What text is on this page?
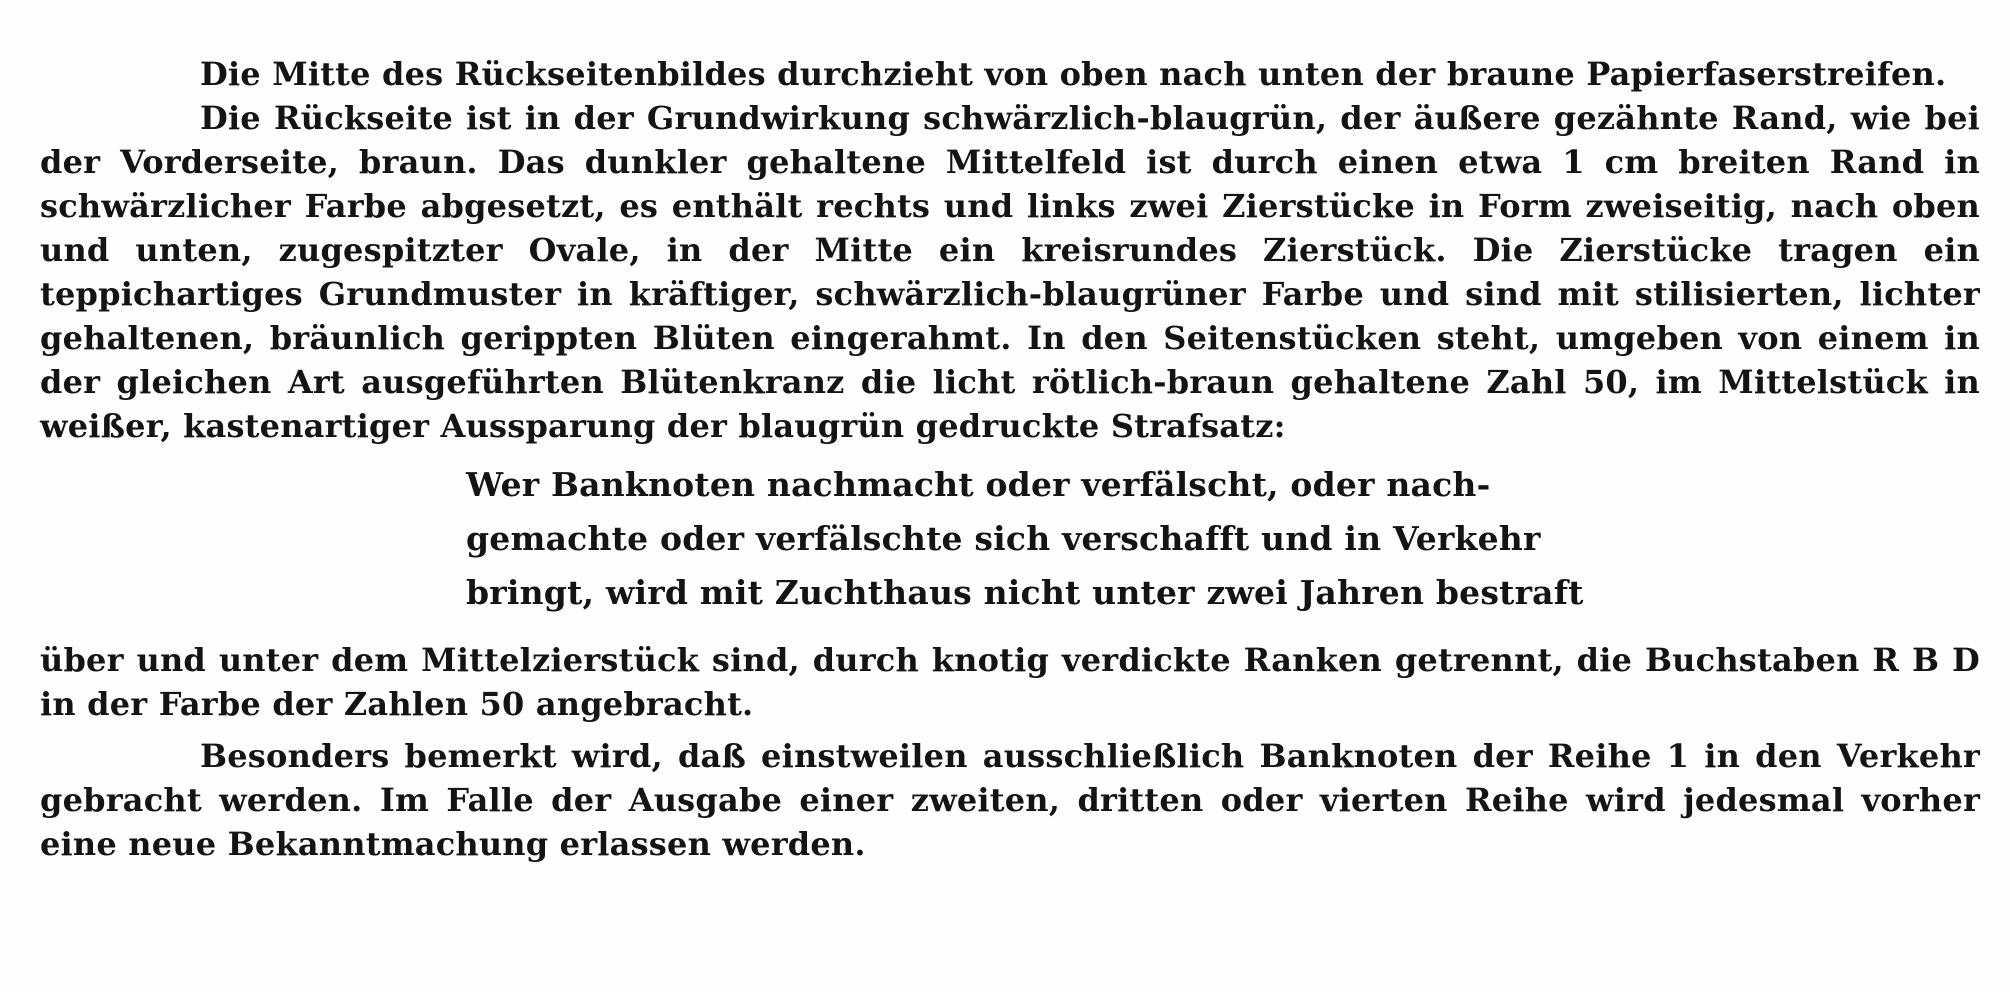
Die Mitte des Rückseitenbildes durchzieht von oben nach unten der braune Papierfaserstreifen.

Die Rückseite ist in der Grundwirkung schwärzlich-blaugrün, der äußere gezähnte Rand, wie bei der Vorderseite, braun. Das dunkler gehaltene Mittelfeld ist durch einen etwa 1 cm breiten Rand in schwärzlicher Farbe abgesetzt, es enthält rechts und links zwei Zierstücke in Form zweiseitig, nach oben und unten, zugespitzter Ovale, in der Mitte ein kreisrundes Zierstück. Die Zierstücke tragen ein teppichartiges Grundmuster in kräftiger, schwärzlich-blaugrüner Farbe und sind mit stilisierten, lichter gehaltenen, bräunlich gerippten Blüten eingerahmt. In den Seitenstücken steht, umgeben von einem in der gleichen Art ausgeführten Blütenkranz die licht rötlich-braun gehaltene Zahl 50, im Mittelstück in weißer, kastenartiger Aussparung der blaugrün gedruckte Strafsatz:

Wer Banknoten nachmacht oder verfälscht, oder nach-
gemachte oder verfälschte sich verschafft und in Verkehr
bringt, wird mit Zuchthaus nicht unter zwei Jahren bestraft

über und unter dem Mittelzierstück sind, durch knotig verdickte Ranken getrennt, die Buchstaben R B D in der Farbe der Zahlen 50 angebracht.

Besonders bemerkt wird, daß einstweilen ausschließlich Banknoten der Reihe 1 in den Verkehr gebracht werden. Im Falle der Ausgabe einer zweiten, dritten oder vierten Reihe wird jedesmal vorher eine neue Bekanntmachung erlassen werden.
